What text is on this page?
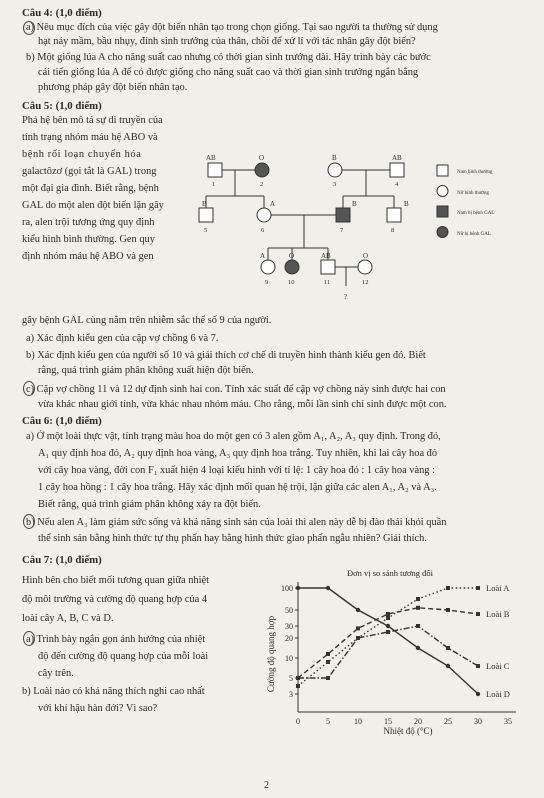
Câu 4: (1,0 điểm)
a) Nêu mục đích của việc gây đột biến nhân tạo trong chọn giống. Tại sao người ta thường sử dụng
hạt nảy mầm, bầu nhụy, đỉnh sinh trưởng của thân, chồi để xử lí với tác nhân gây đột biến?
b) Một giống lúa A cho năng suất cao nhưng có thời gian sinh trưởng dài. Hãy trình bày các bước
cải tiến giống lúa A để có được giống cho năng suất cao và thời gian sinh trưởng ngắn bằng
phương pháp gây đột biến nhân tạo.
Câu 5: (1,0 điểm)
Phả hệ bên mô tả sự di truyền của
tính trạng nhóm máu hệ ABO và
bệnh rối loạn chuyển hóa
galactôzơ (gọi tắt là GAL) trong
một đại gia đình. Biết rằng, bệnh
GAL do một alen đột biến lặn gây
ra, alen trội tương ứng quy định
kiểu hình bình thường. Gen quy
định nhóm máu hệ ABO và gen
AB	O	B	AB
B	A	B	B
A	O	AB	O
1	2	3	4
5	6	7	8
9	10	11	12
?
Nam bình thường
Nữ bình thường
Nam bị bệnh GAL
Nữ bị bệnh GAL
gây bệnh GAL cùng nằm trên nhiễm sắc thể số 9 của người.
a) Xác định kiểu gen của cặp vợ chồng 6 và 7.
b) Xác định kiểu gen của người số 10 và giải thích cơ chế di truyền hình thành kiểu gen đó. Biết
rằng, quá trình giảm phân không xuất hiện đột biến.
c) Cặp vợ chồng 11 và 12 dự định sinh hai con. Tính xác suất để cặp vợ chồng này sinh được hai con
vừa khác nhau giới tính, vừa khác nhau nhóm máu. Cho rằng, mỗi lần sinh chỉ sinh được một con.
Câu 6: (1,0 điểm)
a) Ở một loài thực vật, tính trạng màu hoa do một gen có 3 alen gồm A₁, A₂, A₃ quy định. Trong đó,
A₁ quy định hoa đỏ, A₂ quy định hoa vàng, A₃ quy định hoa trắng. Tuy nhiên, khi lai cây hoa đỏ
với cây hoa vàng, đời con F₁ xuất hiện 4 loại kiểu hình với tỉ lệ: 1 cây hoa đỏ : 1 cây hoa vàng :
1 cây hoa hồng : 1 cây hoa trắng. Hãy xác định mối quan hệ trội, lặn giữa các alen A₁, A₂ và A₃.
Biết rằng, quá trình giảm phân không xảy ra đột biến.
b) Nếu alen A₃ làm giảm sức sống và khả năng sinh sản của loài thì alen này dễ bị đào thải khỏi quần
thể sinh sản bằng hình thức tự thụ phấn hay bằng hình thức giao phấn ngẫu nhiên? Giải thích.
Câu 7: (1,0 điểm)
Hình bên cho biết mối tương quan giữa nhiệt
độ môi trường và cường độ quang hợp của 4
loài cây A, B, C và D.
a) Trình bày ngắn gọn ảnh hưởng của nhiệt
độ đến cường độ quang hợp của mỗi loài
cây trên.
b) Loài nào có khả năng thích nghi cao nhất
với khí hậu hàn đới? Vì sao?
Đơn vị so sánh tương đối
Cường độ quang hợp
Nhiệt độ (°C)
100
50
30
20
10
5
3
0	5	10	15	20	25	30	35
Loài A
Loài B
Loài C
Loài D
2
